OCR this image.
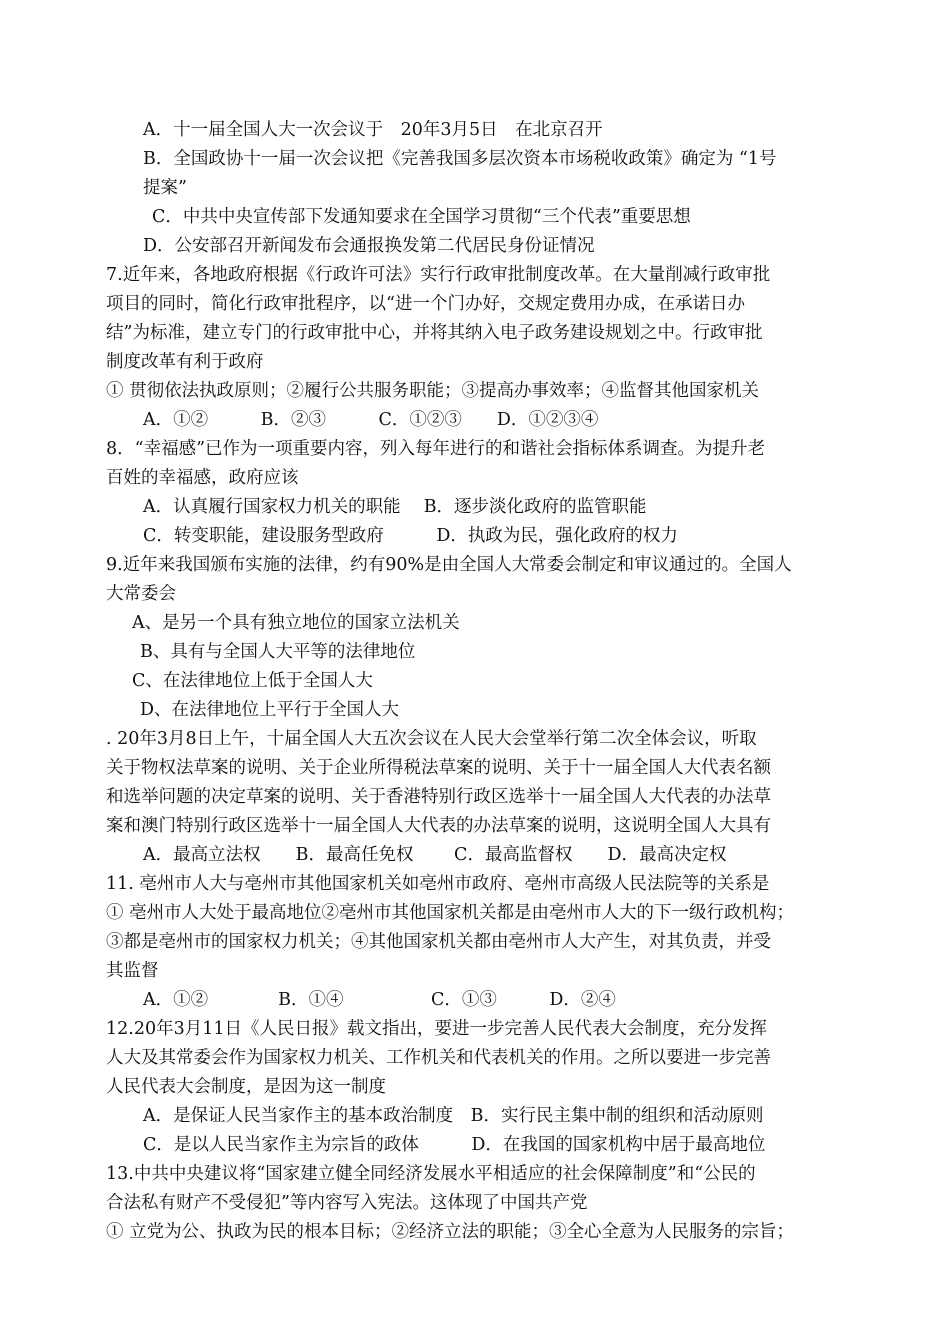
A．十一届全国人大一次会议于　20年3月5日　在北京召开
B．全国政协十一届一次会议把《完善我国多层次资本市场税收政策》确定为 “1号
提案”
C．中共中央宣传部下发通知要求在全国学习贯彻“三个代表”重要思想
D．公安部召开新闻发布会通报换发第二代居民身份证情况
7.近年来，各地政府根据《行政许可法》实行行政审批制度改革。在大量削减行政审批
项目的同时，简化行政审批程序，以“进一个门办好，交规定费用办成，在承诺日办
结”为标准，建立专门的行政审批中心，并将其纳入电子政务建设规划之中。行政审批
制度改革有利于政府
① 贯彻依法执政原则；②履行公共服务职能；③提高办事效率；④监督其他国家机关
A．①②　　　B．②③　　　C．①②③　　D．①②③④
8．“幸福感”已作为一项重要内容，列入每年进行的和谐社会指标体系调查。为提升老
百姓的幸福感，政府应该
A．认真履行国家权力机关的职能　 B．逐步淡化政府的监管职能
C．转变职能，建设服务型政府　　　D．执政为民，强化政府的权力
9.近年来我国颁布实施的法律，约有90%是由全国人大常委会制定和审议通过的。全国人
大常委会
A、是另一个具有独立地位的国家立法机关
B、具有与全国人大平等的法律地位
C、在法律地位上低于全国人大
D、在法律地位上平行于全国人大
. 20年3月8日上午，十届全国人大五次会议在人民大会堂举行第二次全体会议，听取
关于物权法草案的说明、关于企业所得税法草案的说明、关于十一届全国人大代表名额
和选举问题的决定草案的说明、关于香港特别行政区选举十一届全国人大代表的办法草
案和澳门特别行政区选举十一届全国人大代表的办法草案的说明，这说明全国人大具有
A．最高立法权　　B．最高任免权　　 C．最高监督权　　D．最高决定权
11. 亳州市人大与亳州市其他国家机关如亳州市政府、亳州市高级人民法院等的关系是
① 亳州市人大处于最高地位②亳州市其他国家机关都是由亳州市人大的下一级行政机构；
③都是亳州市的国家权力机关；④其他国家机关都由亳州市人大产生，对其负责，并受
其监督
A．①②　　　　B．①④　　　　　C．①③　　　D．②④
12.20年3月11日《人民日报》载文指出，要进一步完善人民代表大会制度，充分发挥
人大及其常委会作为国家权力机关、工作机关和代表机关的作用。之所以要进一步完善
人民代表大会制度，是因为这一制度
A．是保证人民当家作主的基本政治制度　B．实行民主集中制的组织和活动原则
C．是以人民当家作主为宗旨的政体　　　D．在我国的国家机构中居于最高地位
13.中共中央建议将“国家建立健全同经济发展水平相适应的社会保障制度”和“公民的
合法私有财产不受侵犯”等内容写入宪法。这体现了中国共产党
① 立党为公、执政为民的根本目标；②经济立法的职能；③全心全意为人民服务的宗旨；
